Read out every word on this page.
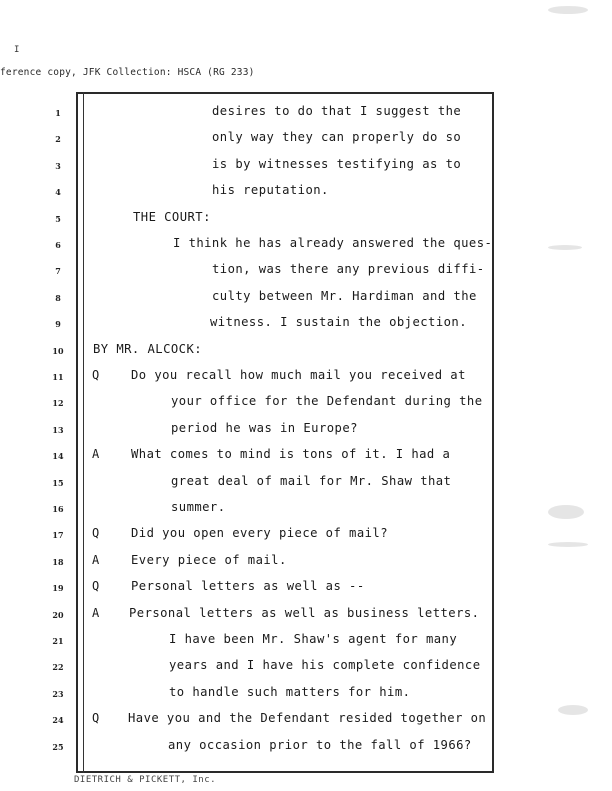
I
ference copy, JFK Collection: HSCA (RG 233)
1	desires to do that I suggest the
2	only way they can properly do so
3	is by witnesses testifying as to
4	his reputation.
5	THE COURT:
6	I think he has already answered the ques-
7	tion, was there any previous diffi-
8	culty between Mr. Hardiman and the
9	witness. I sustain the objection.
10	BY MR. ALCOCK:
11	Q	Do you recall how much mail you received at
12	your office for the Defendant during the
13	period he was in Europe?
14	A	What comes to mind is tons of it. I had a
15	great deal of mail for Mr. Shaw that
16	summer.
17	Q	Did you open every piece of mail?
18	A	Every piece of mail.
19	Q	Personal letters as well as --
20	A Personal letters as well as business letters.
21	I have been Mr. Shaw's agent for many
22	years and I have his complete confidence
23	to handle such matters for him.
24	Q Have you and the Defendant resided together on
25	any occasion prior to the fall of 1966?
DIETRICH & PICKETT, Inc.
